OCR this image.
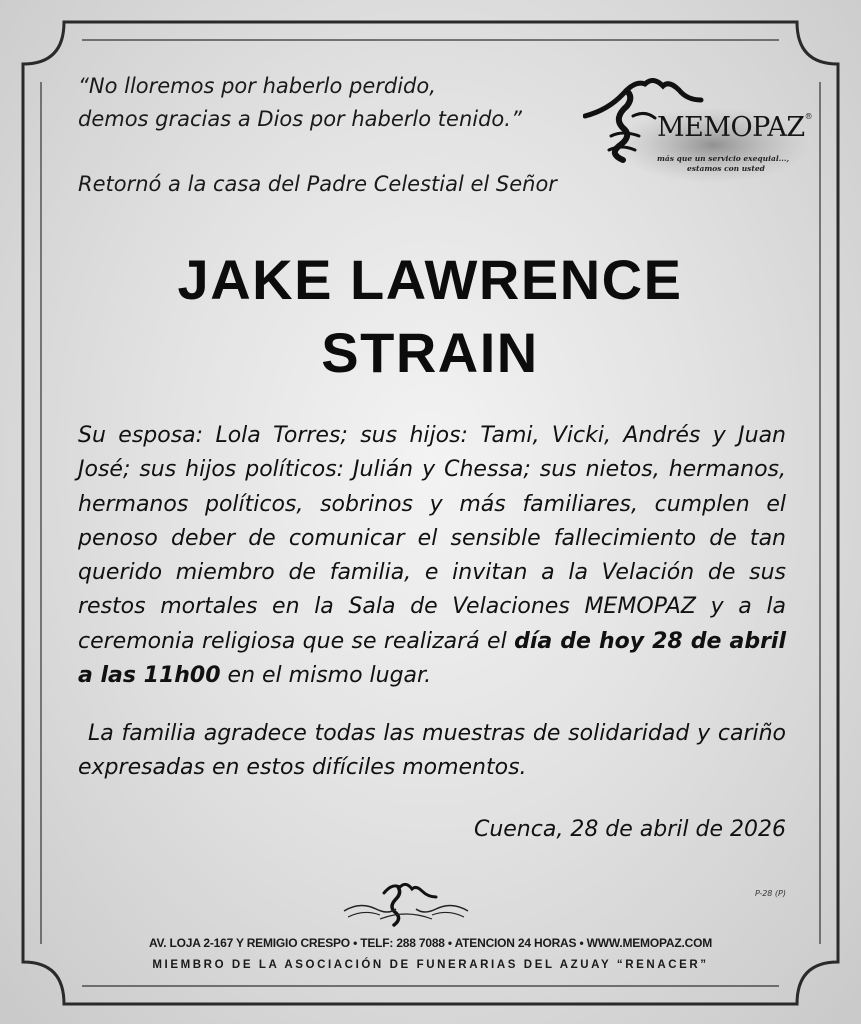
“No lloremos por haberlo perdido,
demos gracias a Dios por haberlo tenido.”	MEMOPAZ®
más que un servicio exequial...,
estamos con usted
Retornó a la casa del Padre Celestial el Señor
JAKE LAWRENCE
STRAIN
Su esposa: Lola Torres; sus hijos: Tami, Vicki, Andrés y Juan José; sus hijos políticos: Julián y Chessa; sus nietos, hermanos, hermanos políticos, sobrinos y más familiares, cumplen el penoso deber de comunicar el sensible fallecimiento de tan querido miembro de familia, e invitan a la Velación de sus restos mortales en la Sala de Velaciones MEMOPAZ y a la ceremonia religiosa que se realizará el día de hoy 28 de abril a las 11h00 en el mismo lugar.
La familia agradece todas las muestras de solidaridad y cariño expresadas en estos difíciles momentos.
Cuenca, 28 de abril de 2026
P-28 (P)
AV. LOJA 2-167 Y REMIGIO CRESPO • TELF: 288 7088 • ATENCION 24 HORAS • WWW.MEMOPAZ.COM
MIEMBRO DE LA ASOCIACIÓN DE FUNERARIAS DEL AZUAY “RENACER”
